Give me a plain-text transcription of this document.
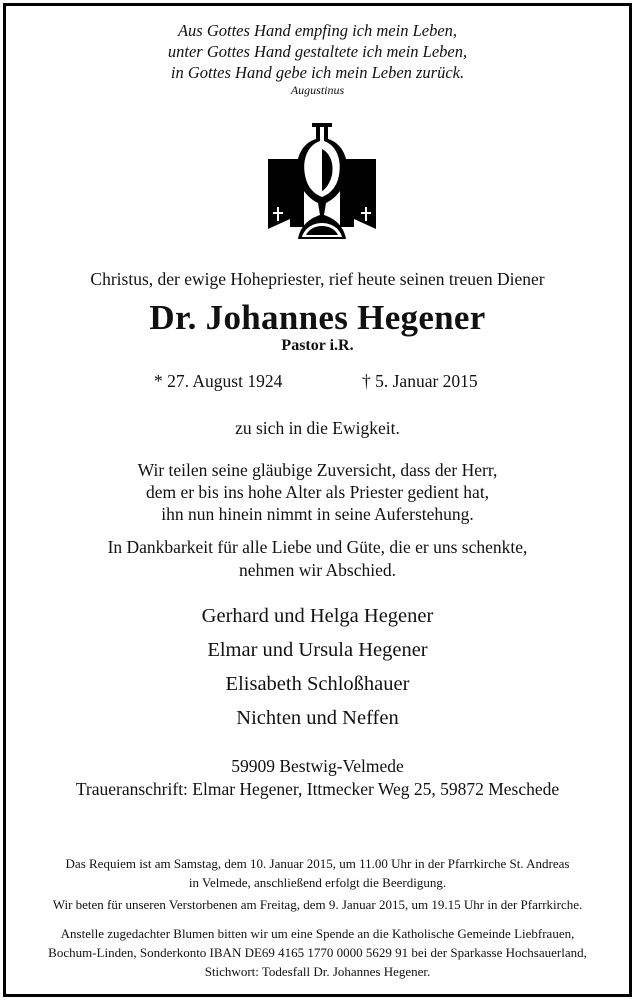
Aus Gottes Hand empfing ich mein Leben,
unter Gottes Hand gestaltete ich mein Leben,
in Gottes Hand gebe ich mein Leben zurück.
Augustinus
Christus, der ewige Hohepriester, rief heute seinen treuen Diener
Dr. Johannes Hegener
Pastor i.R.
* 27. August 1924	† 5. Januar 2015
zu sich in die Ewigkeit.
Wir teilen seine gläubige Zuversicht, dass der Herr,
dem er bis ins hohe Alter als Priester gedient hat,
ihn nun hinein nimmt in seine Auferstehung.
In Dankbarkeit für alle Liebe und Güte, die er uns schenkte,
nehmen wir Abschied.
Gerhard und Helga Hegener
Elmar und Ursula Hegener
Elisabeth Schloßhauer
Nichten und Neffen
59909 Bestwig-Velmede
Traueranschrift: Elmar Hegener, Ittmecker Weg 25, 59872 Meschede
Das Requiem ist am Samstag, dem 10. Januar 2015, um 11.00 Uhr in der Pfarrkirche St. Andreas
in Velmede, anschließend erfolgt die Beerdigung.
Wir beten für unseren Verstorbenen am Freitag, dem 9. Januar 2015, um 19.15 Uhr in der Pfarrkirche.
Anstelle zugedachter Blumen bitten wir um eine Spende an die Katholische Gemeinde Liebfrauen,
Bochum-Linden, Sonderkonto IBAN DE69 4165 1770 0000 5629 91 bei der Sparkasse Hochsauerland,
Stichwort: Todesfall Dr. Johannes Hegener.
